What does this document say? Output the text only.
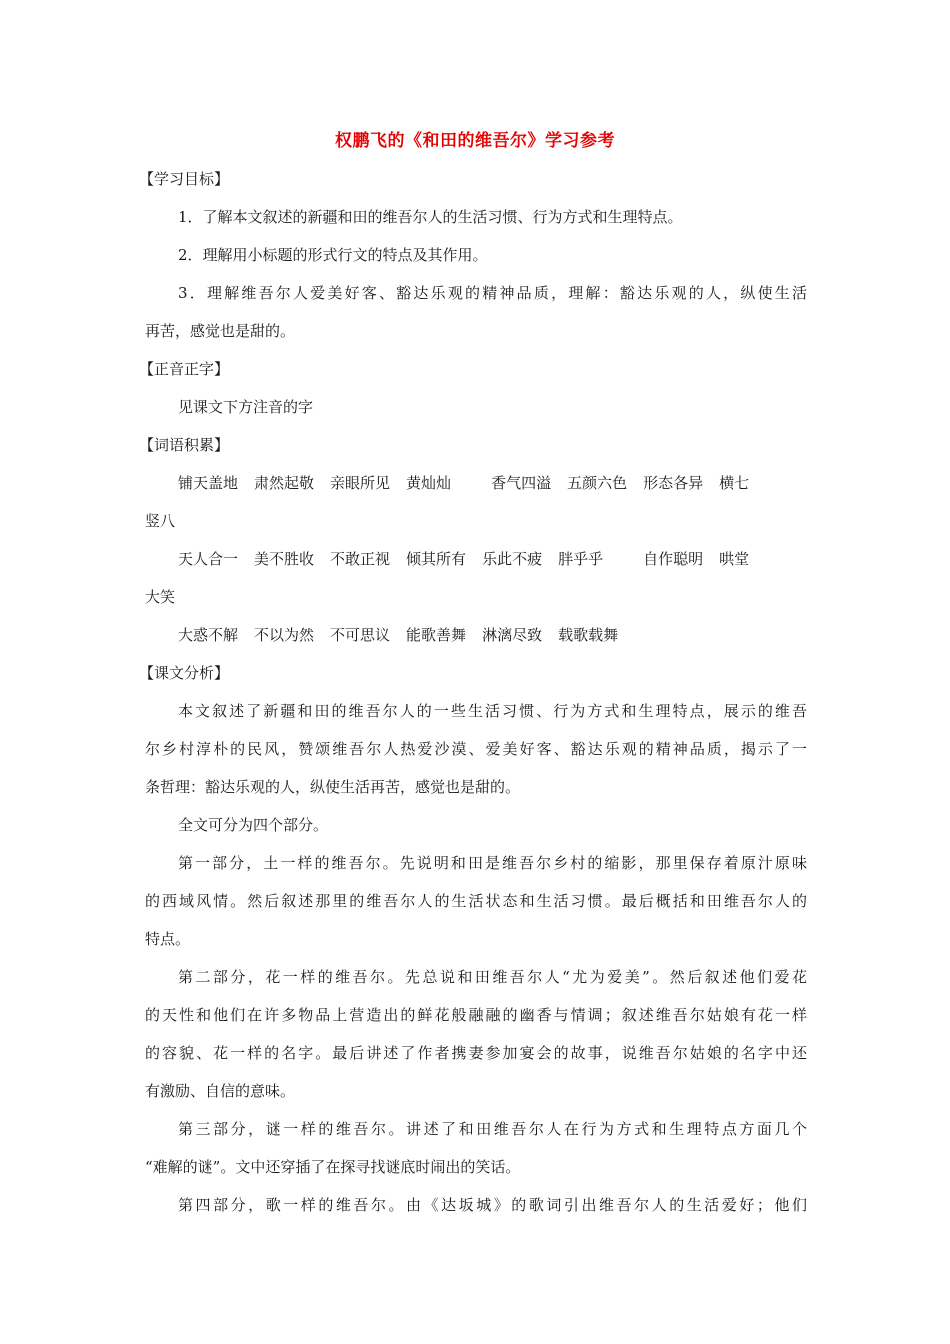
权鹏飞的《和田的维吾尔》学习参考
【学习目标】
1．了解本文叙述的新疆和田的维吾尔人的生活习惯、行为方式和生理特点。
2．理解用小标题的形式行文的特点及其作用。
3．理解维吾尔人爱美好客、豁达乐观的精神品质，理解：豁达乐观的人，纵使生活
再苦，感觉也是甜的。
【正音正字】
见课文下方注音的字
【词语积累】
铺天盖地 肃然起敬 亲眼所见 黄灿灿	香气四溢 五颜六色 形态各异 横七
竖八
天人合一 美不胜收 不敢正视 倾其所有 乐此不疲 胖乎乎	自作聪明 哄堂
大笑
大惑不解 不以为然 不可思议 能歌善舞 淋漓尽致 载歌载舞
【课文分析】
本文叙述了新疆和田的维吾尔人的一些生活习惯、行为方式和生理特点，展示的维吾
尔乡村淳朴的民风，赞颂维吾尔人热爱沙漠、爱美好客、豁达乐观的精神品质，揭示了一
条哲理：豁达乐观的人，纵使生活再苦，感觉也是甜的。
全文可分为四个部分。
第一部分，土一样的维吾尔。先说明和田是维吾尔乡村的缩影，那里保存着原汁原味
的西域风情。然后叙述那里的维吾尔人的生活状态和生活习惯。最后概括和田维吾尔人的
特点。
第二部分，花一样的维吾尔。先总说和田维吾尔人“尤为爱美”。然后叙述他们爱花
的天性和他们在许多物品上营造出的鲜花般融融的幽香与情调；叙述维吾尔姑娘有花一样
的容貌、花一样的名字。最后讲述了作者携妻参加宴会的故事，说维吾尔姑娘的名字中还
有激励、自信的意味。
第三部分，谜一样的维吾尔。讲述了和田维吾尔人在行为方式和生理特点方面几个
“难解的谜”。文中还穿插了在探寻找谜底时闹出的笑话。
第四部分，歌一样的维吾尔。由《达坂城》的歌词引出维吾尔人的生活爱好；他们
